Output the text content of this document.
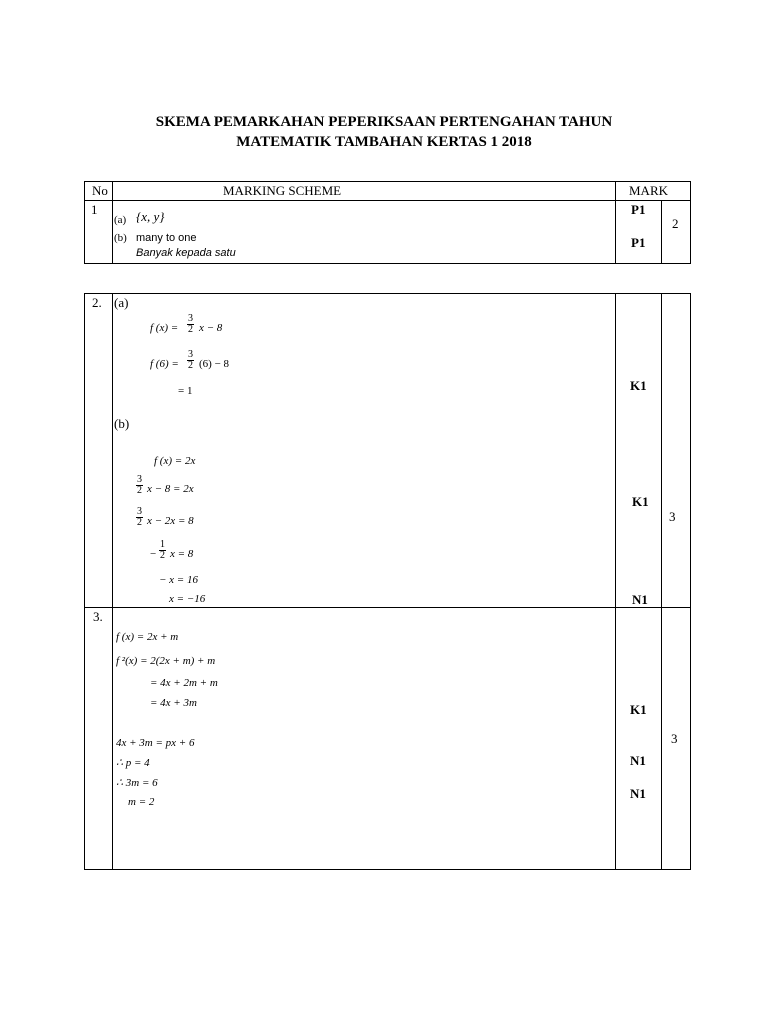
SKEMA PEMARKAHAN PEPERIKSAAN PERTENGAHAN TAHUN
MATEMATIK TAMBAHAN KERTAS 1 2018
No	MARKING SCHEME	MARK
1
(a) {x, y}
(b) many to one
Banyak kepada satu
P1
P1
2
2. (a)
f $(x) = \frac{3}{2}$ x − 8
f $(6) = \frac{3}{2} (6) - 8$
= 1
(b)
f (x) = 2x
$\frac{3}{2}$ x − 8 = 2x
$\frac{3}{2}$ x − 2x = 8
− $\frac{1}{2}$ x = 8
− x = 16
x = −16
K1
K1
N1
3
3.
f (x) = 2x + m
f ²(x) = 2(2x + m) + m
= 4x + 2m + m
= 4x + 3m
4x + 3m = px + 6
∴ p = 4
∴ 3m = 6
m = 2
K1
N1
N1
3
